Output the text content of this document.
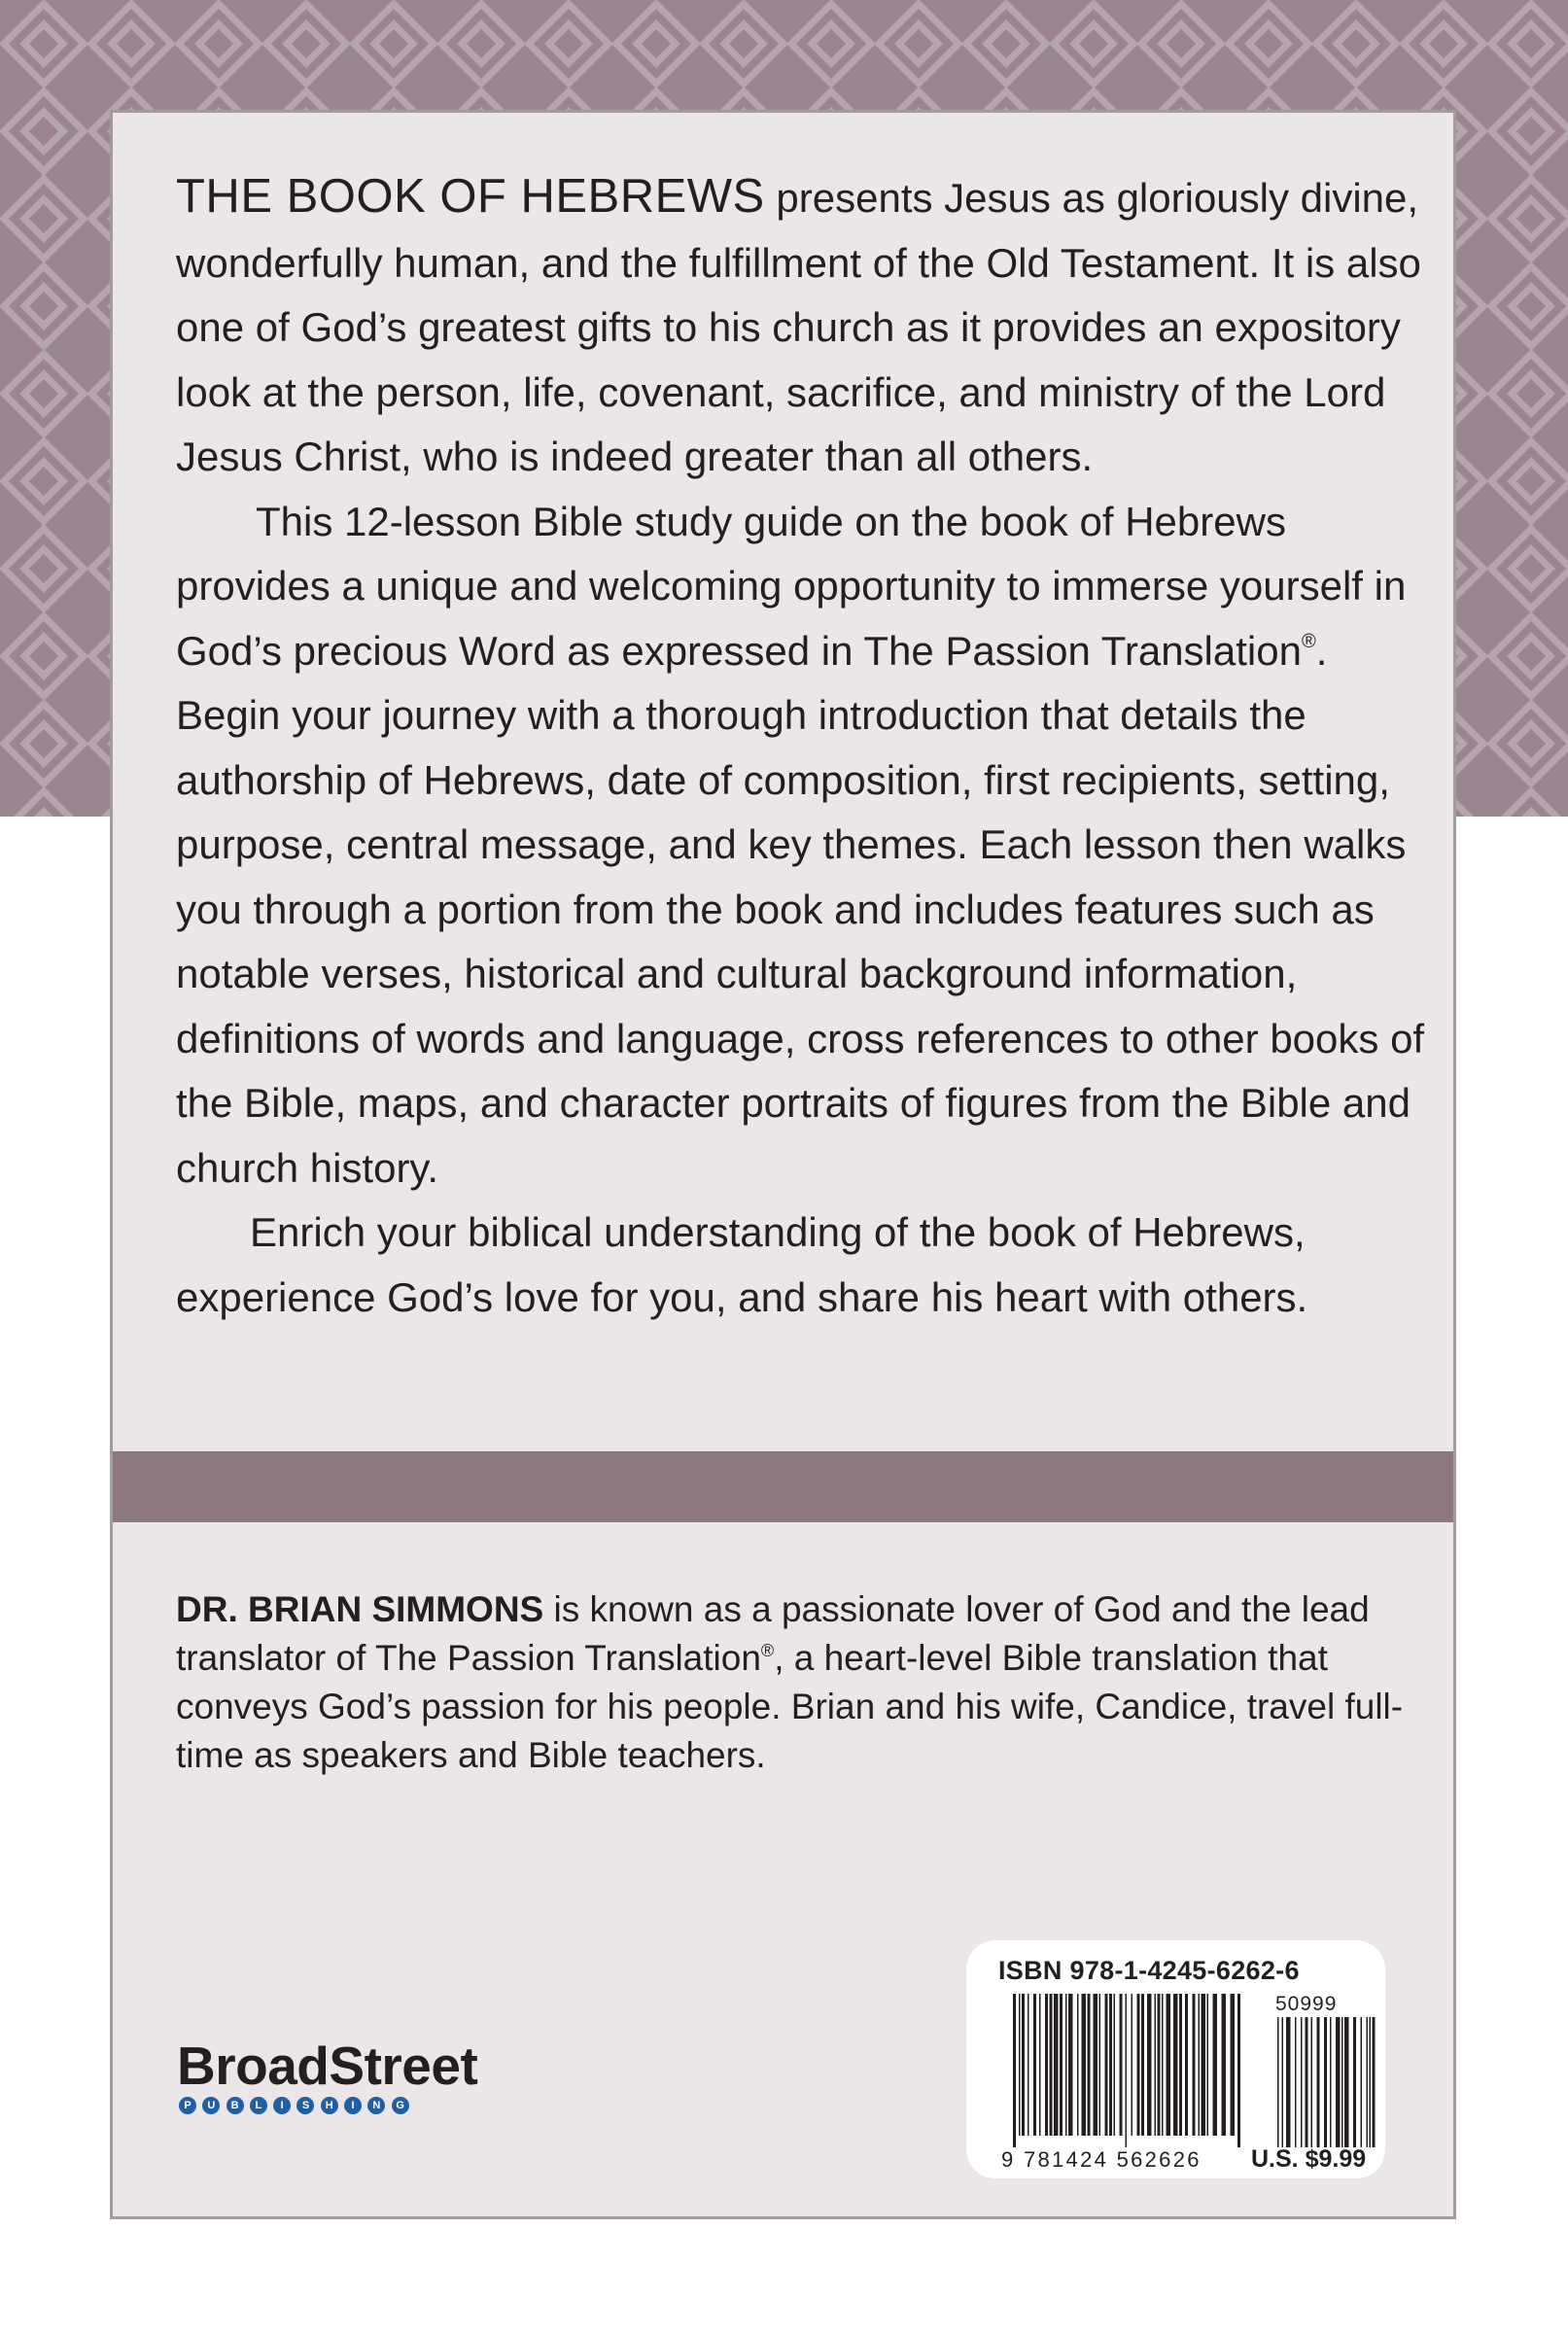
THE BOOK OF HEBREWS presents Jesus as gloriously divine, wonderfully human, and the fulfillment of the Old Testament. It is also one of God’s greatest gifts to his church as it provides an expository look at the person, life, covenant, sacrifice, and ministry of the Lord Jesus Christ, who is indeed greater than all others.

This 12-lesson Bible study guide on the book of Hebrews provides a unique and welcoming opportunity to immerse yourself in God’s precious Word as expressed in The Passion Translation®. Begin your journey with a thorough introduction that details the authorship of Hebrews, date of composition, first recipients, setting, purpose, central message, and key themes. Each lesson then walks you through a portion from the book and includes features such as notable verses, historical and cultural background information, definitions of words and language, cross references to other books of the Bible, maps, and character portraits of figures from the Bible and church history.

Enrich your biblical understanding of the book of Hebrews, experience God’s love for you, and share his heart with others.

DR. BRIAN SIMMONS is known as a passionate lover of God and the lead translator of The Passion Translation®, a heart-level Bible translation that conveys God’s passion for his people. Brian and his wife, Candice, travel full-time as speakers and Bible teachers.

BroadStreet
P	U	B	L	I	S	H	I	N	G
ISBN 978-1-4245-6262-6
50999
9 781424 562626 U.S. $9.99
